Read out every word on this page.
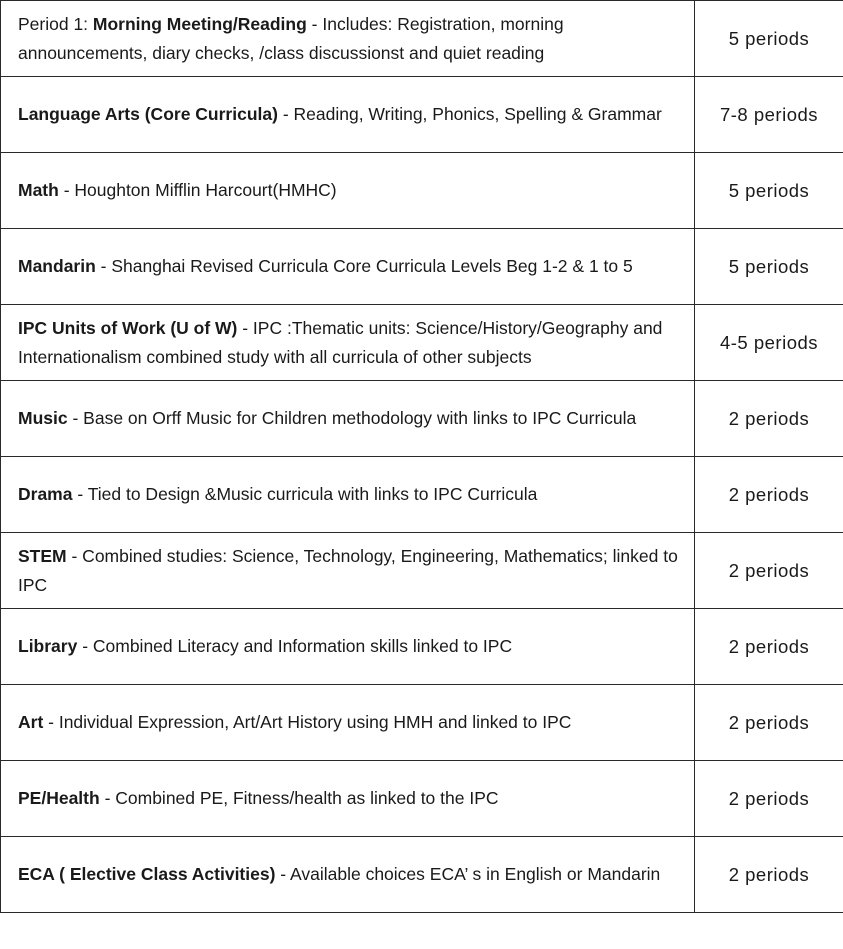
Period 1: Morning Meeting/Reading - Includes: Registration, morning announcements, diary checks, /class discussionst and quiet reading	5 periods
Language Arts (Core Curricula) - Reading, Writing, Phonics, Spelling & Grammar	7-8 periods
Math - Houghton Mifflin Harcourt(HMHC)	5 periods
Mandarin - Shanghai Revised Curricula Core Curricula Levels Beg 1-2 & 1 to 5	5 periods
IPC Units of Work (U of W) - IPC :Thematic units: Science/History/Geography and Internationalism combined study with all curricula of other subjects	4-5 periods
Music - Base on Orff Music for Children methodology with links to IPC Curricula	2 periods
Drama - Tied to Design &Music curricula with links to IPC Curricula	2 periods
STEM - Combined studies: Science, Technology, Engineering, Mathematics; linked to IPC	2 periods
Library - Combined Literacy and Information skills linked to IPC	2 periods
Art - Individual Expression, Art/Art History using HMH and linked to IPC	2 periods
PE/Health - Combined PE, Fitness/health as linked to the IPC	2 periods
ECA ( Elective Class Activities) - Available choices ECA’ s in English or Mandarin	2 periods
